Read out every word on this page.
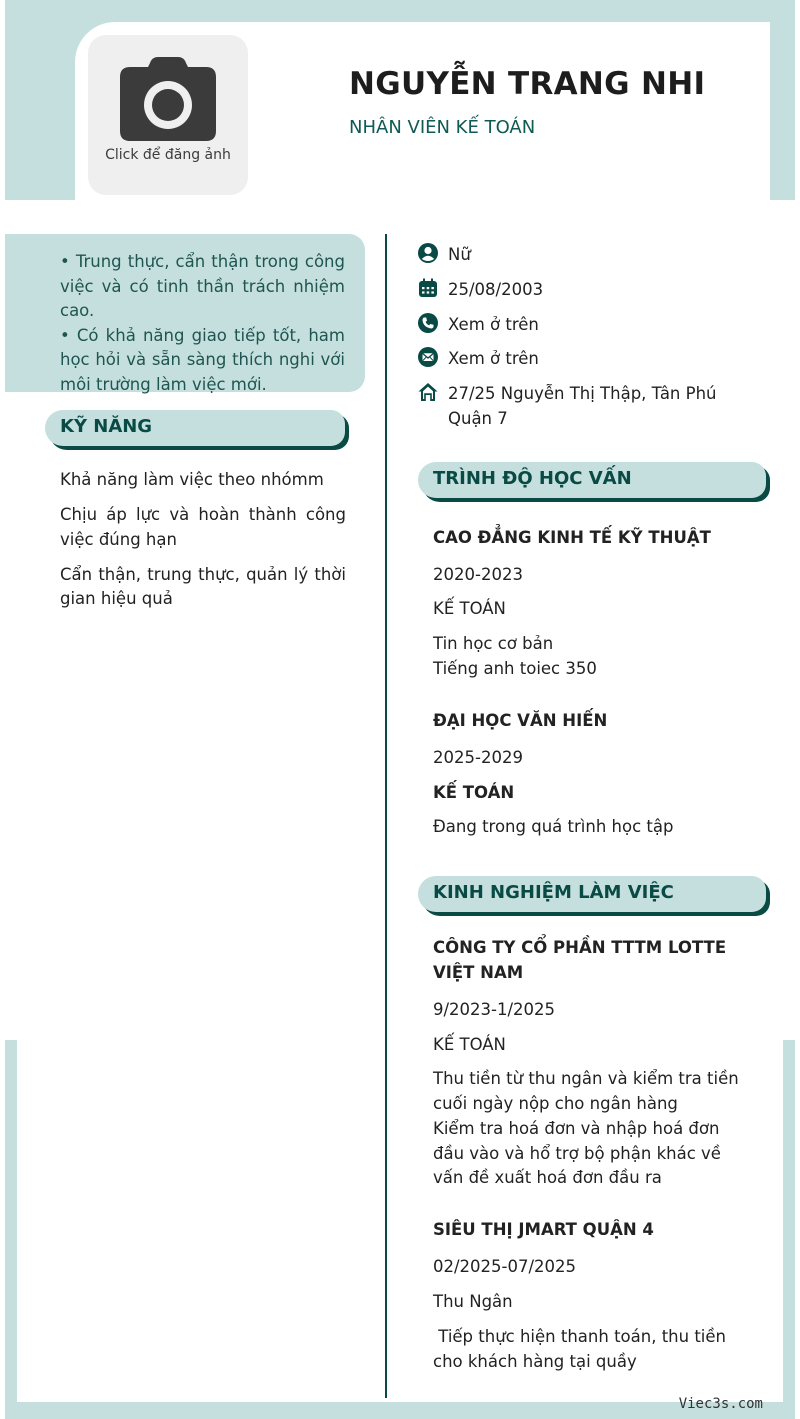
Click để đăng ảnh
NGUYỄN TRANG NHI
NHÂN VIÊN KẾ TOÁN

• Trung thực, cẩn thận trong công việc và có tinh thần trách nhiệm cao.

• Có khả năng giao tiếp tốt, ham học hỏi và sẵn sàng thích nghi với môi trường làm việc mới.

KỸ NĂNG

Khả năng làm việc theo nhómm

Chịu áp lực và hoàn thành công việc đúng hạn

Cẩn thận, trung thực, quản lý thời gian hiệu quả

Nữ
25/08/2003
Xem ở trên
Xem ở trên
27/25 Nguyễn Thị Thập, Tân Phú
Quận 7
TRÌNH ĐỘ HỌC VẤN
CAO ĐẲNG KINH TẾ KỸ THUẬT
2020-2023
KẾ TOÁN
Tin học cơ bản
Tiếng anh toiec 350
ĐẠI HỌC VĂN HIẾN
2025-2029
KẾ TOÁN
Đang trong quá trình học tập
KINH NGHIỆM LÀM VIỆC
CÔNG TY CỔ PHẦN TTTM LOTTE VIỆT NAM
9/2023-1/2025
KẾ TOÁN
Thu tiền từ thu ngân và kiểm tra tiền cuối ngày nộp cho ngân hàng
Kiểm tra hoá đơn và nhập hoá đơn đầu vào và hổ trợ bộ phận khác về vấn đề xuất hoá đơn đầu ra
SIÊU THỊ JMART QUẬN 4
02/2025-07/2025
Thu Ngân
Tiếp thực hiện thanh toán, thu tiền cho khách hàng tại quầy
Viec3s.com
